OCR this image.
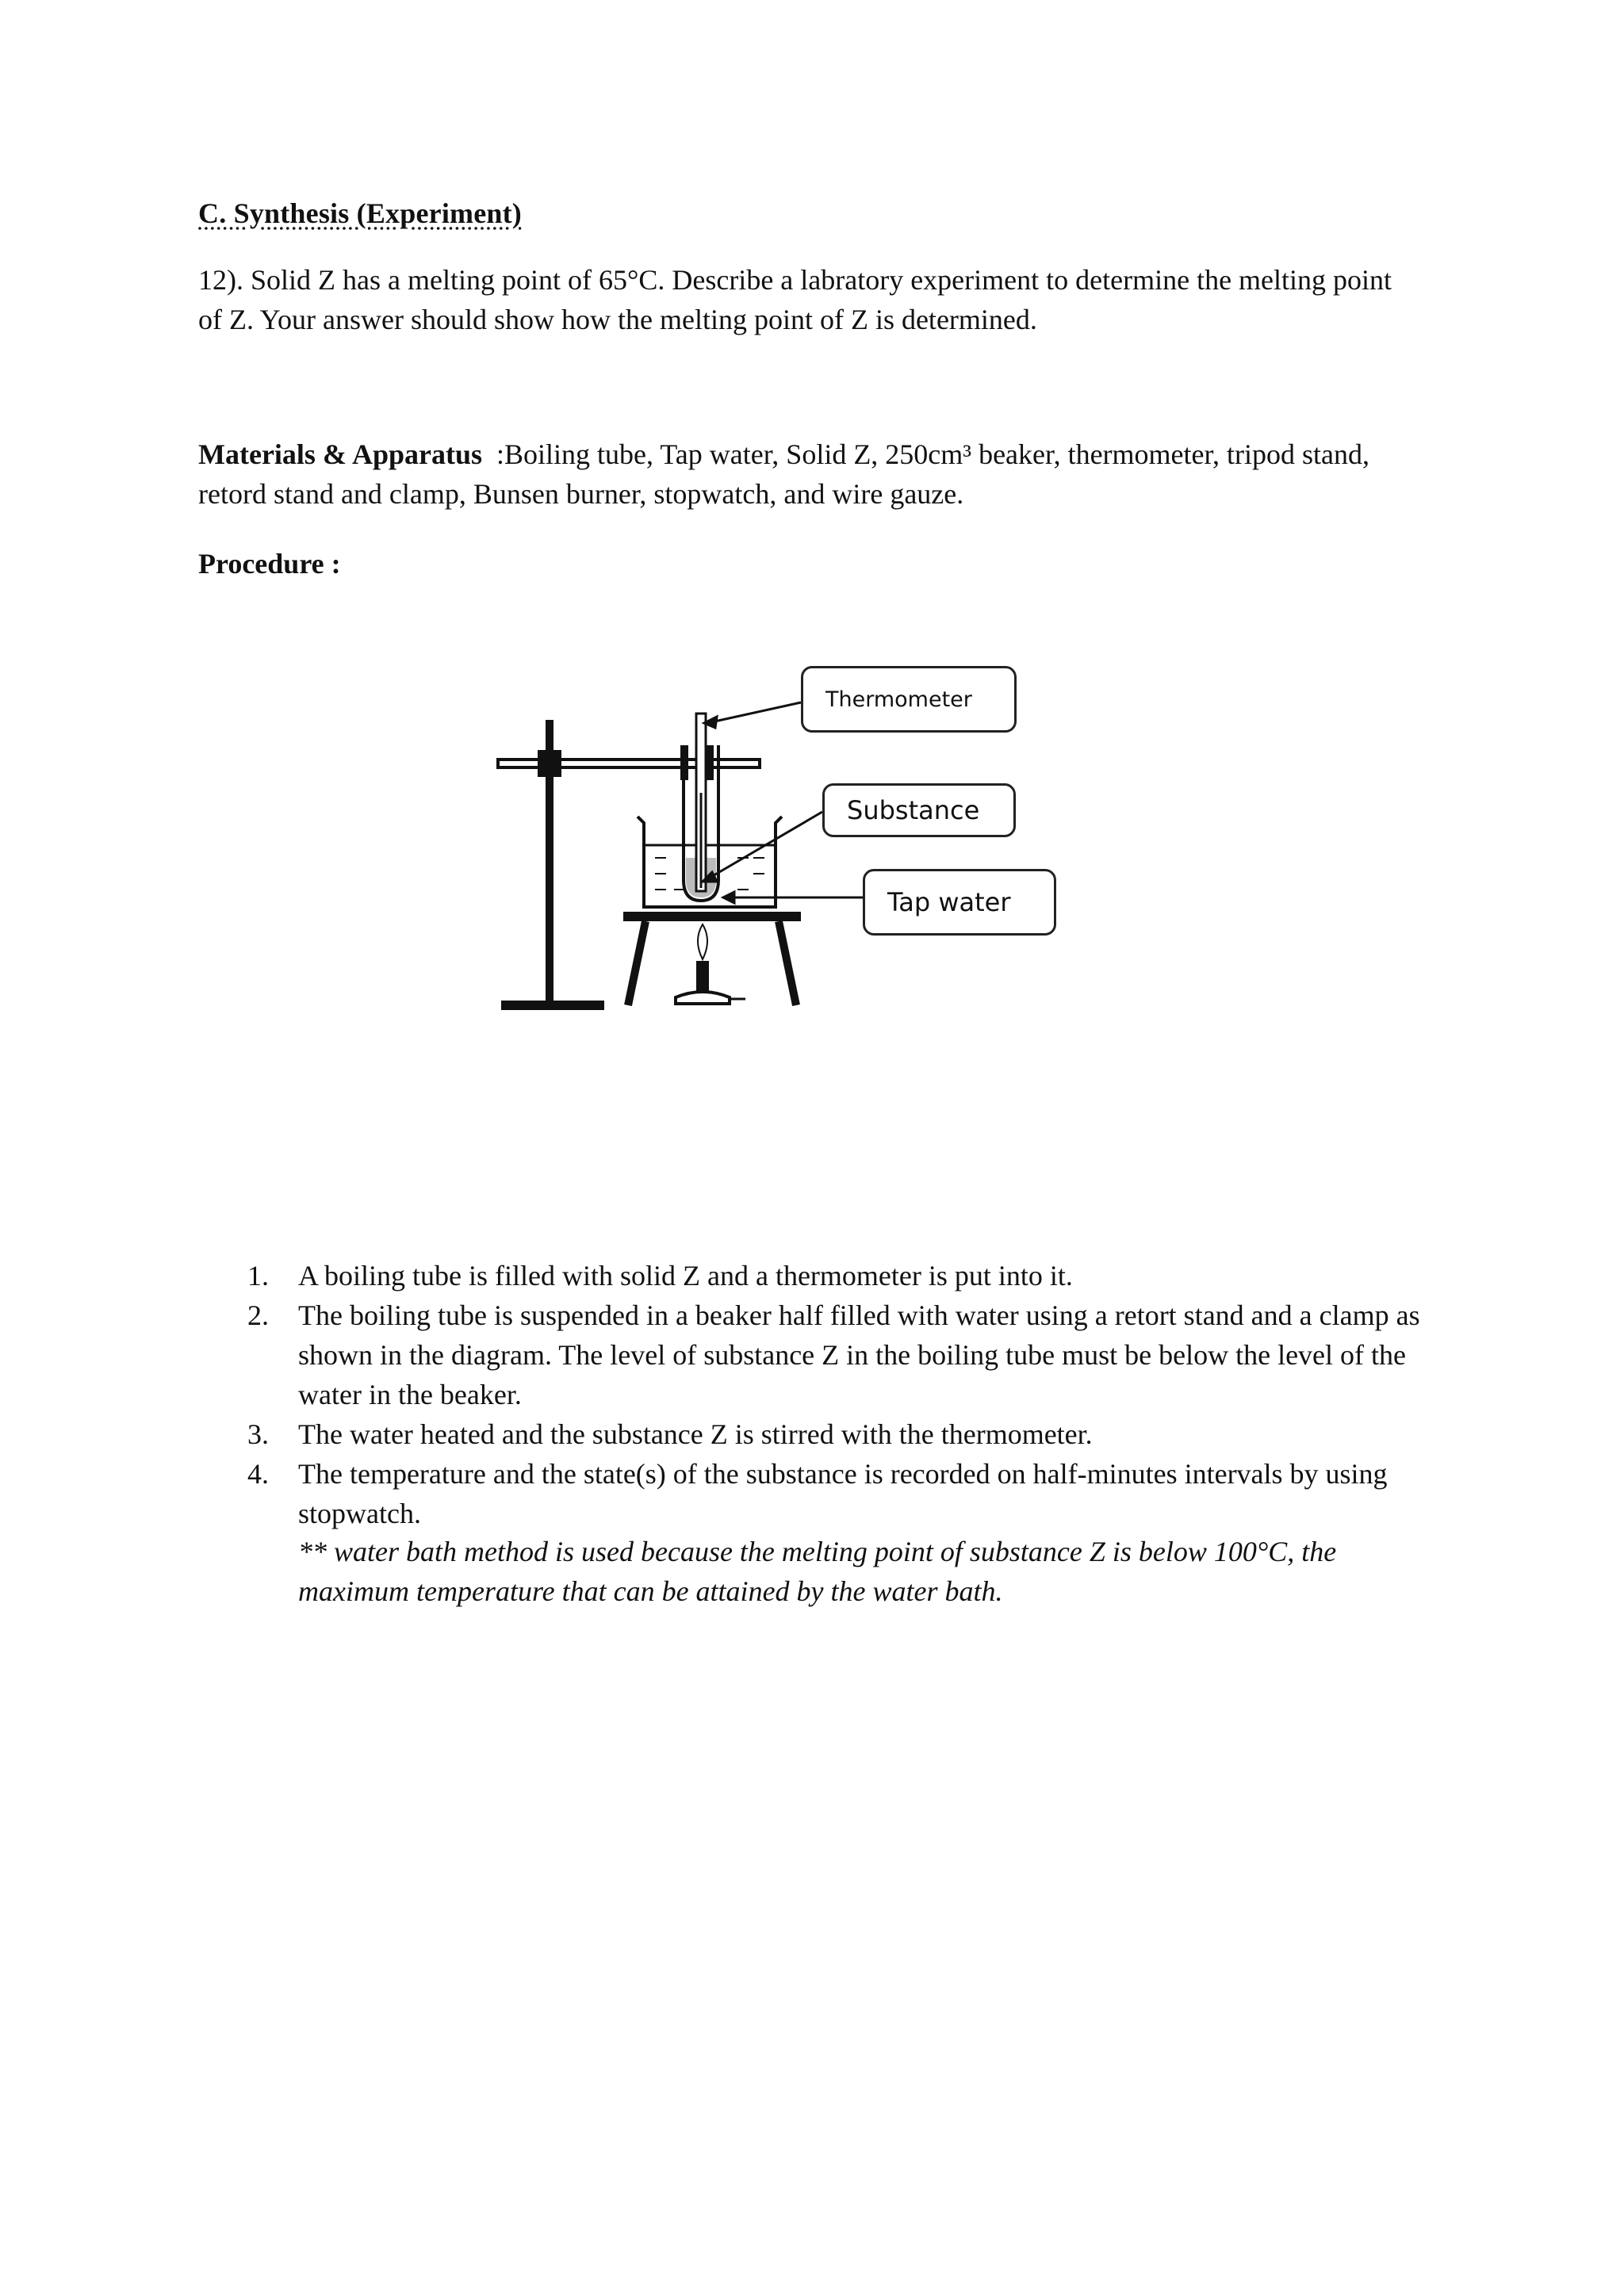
C. Synthesis (Experiment)
12). Solid Z has a melting point of 65°C. Describe a labratory experiment to determine the melting point of Z. Your answer should show how the melting point of Z is determined.
Materials & Apparatus :Boiling tube, Tap water, Solid Z, 250cm³ beaker, thermometer, tripod stand, retord stand and clamp, Bunsen burner, stopwatch, and wire gauze.
Procedure :
Thermometer
Substance
Tap water
1. A boiling tube is filled with solid Z and a thermometer is put into it.
2. The boiling tube is suspended in a beaker half filled with water using a retort stand and a clamp as shown in the diagram. The level of substance Z in the boiling tube must be below the level of the water in the beaker.
3. The water heated and the substance Z is stirred with the thermometer.
4. The temperature and the state(s) of the substance is recorded on half-minutes intervals by using stopwatch.
** water bath method is used because the melting point of substance Z is below 100°C, the maximum temperature that can be attained by the water bath.
